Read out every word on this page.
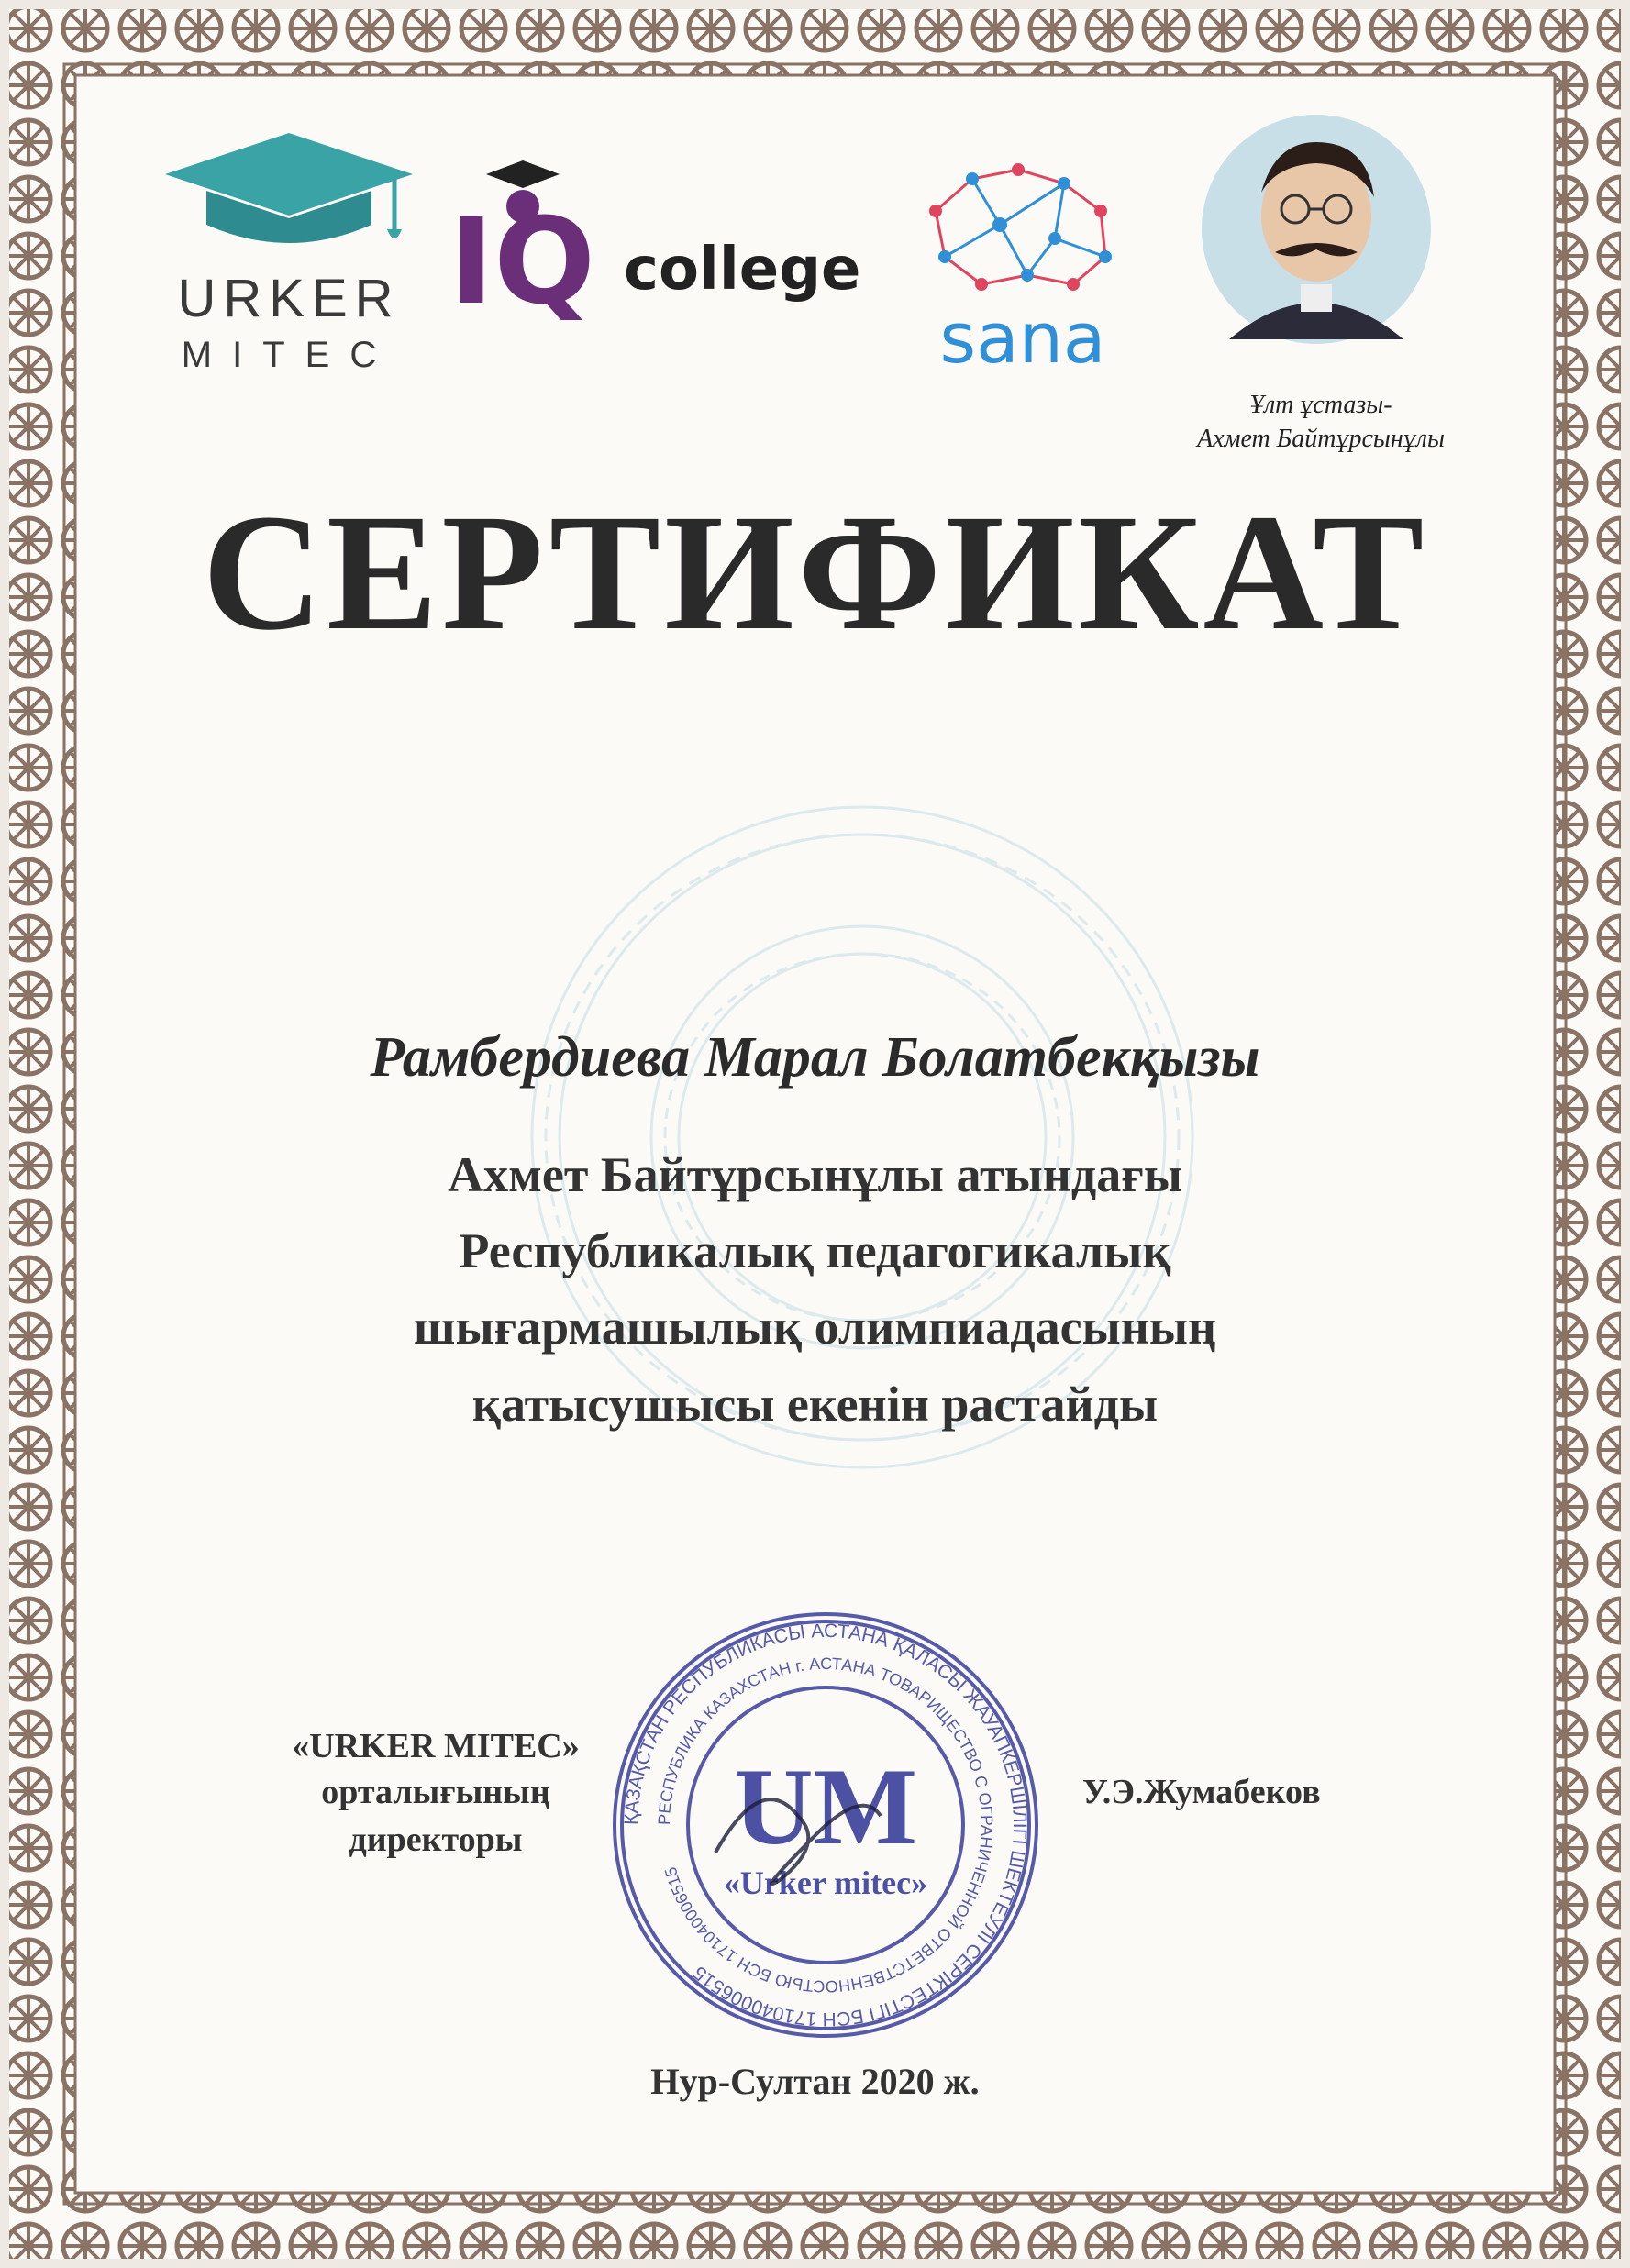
URKER
MITEC
IQ college
sana
Ұлт ұстазы-
Ахмет Байтұрсынұлы
СЕРТИФИКАТ
Рамбердиева Марал Болатбекқызы
Ахмет Байтұрсынұлы атындағы
Республикалық педагогикалық
шығармашылық олимпиадасының
қатысушысы екенін растайды
«URKER MITEC»
орталығының
директоры
ҚАЗАҚСТАН РЕСПУБЛИКАСЫ АСТАНА ҚАЛАСЫ ЖАУАПКЕРШІЛІГІ ШЕКТЕУЛІ СЕРІКТЕСТІГІ БСН 171040006515
РЕСПУБЛИКА КАЗАХСТАН г. АСТАНА ТОВАРИЩЕСТВО С ОГРАНИЧЕННОЙ ОТВЕТСТВЕННОСТЬЮ БСН 171040006515
UM
«Urker mitec»
У.Э.Жумабеков
Нур-Султан 2020 ж.
